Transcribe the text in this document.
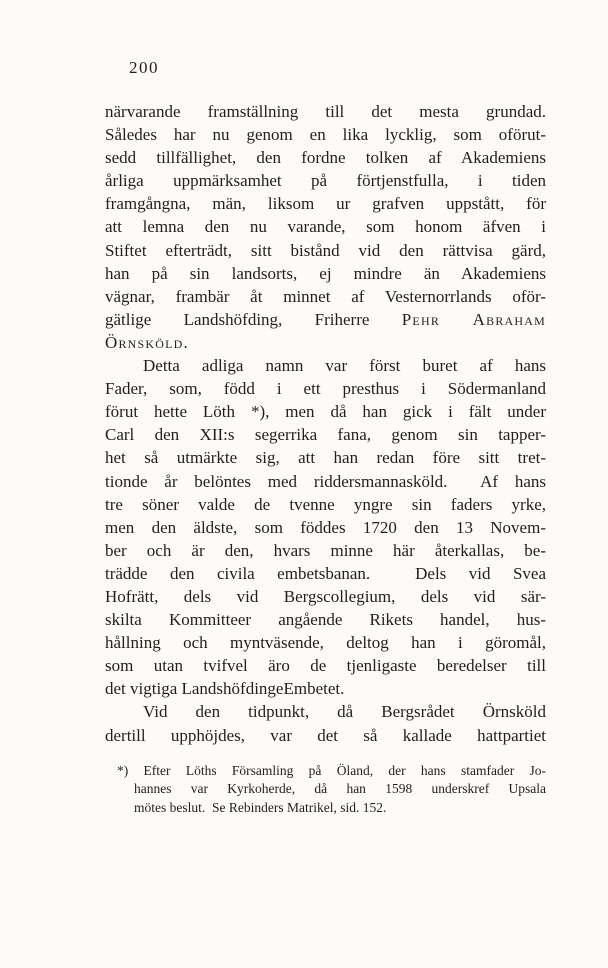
200
närvarande framställning till det mesta grundad.
Således har nu genom en lika lycklig, som oförut-
sedd tillfällighet, den fordne tolken af Akademiens
årliga uppmärksamhet på förtjenstfulla, i tiden
framgångna, män, liksom ur grafven uppstått, för
att lemna den nu varande, som honom äfven i
Stiftet efterträdt, sitt bistånd vid den rättvisa gärd,
han på sin landsorts, ej mindre än Akademiens
vägnar, frambär åt minnet af Vesternorrlands oför-
gätlige Landshöfding, Friherre Pehr Abraham
Örnsköld.
Detta adliga namn var först buret af hans
Fader, som, född i ett presthus i Södermanland
förut hette Löth *), men då han gick i fält under
Carl den XII:s segerrika fana, genom sin tapper-
het så utmärkte sig, att han redan före sitt tret-
tionde år belöntes med riddersmannasköld.  Af hans
tre söner valde de tvenne yngre sin faders yrke,
men den äldste, som föddes 1720 den 13 Novem-
ber och är den, hvars minne här återkallas, be-
trädde den civila embetsbanan.  Dels vid Svea
Hofrätt, dels vid Bergscollegium, dels vid sär-
skilta Kommitteer angående Rikets handel, hus-
hållning och myntväsende, deltog han i göromål,
som utan tvifvel äro de tjenligaste beredelser till
det vigtiga LandshöfdingeEmbetet.
Vid den tidpunkt, då Bergsrådet Örnsköld
dertill upphöjdes, var det så kallade hattpartiet
*) Efter Löths Församling på Öland, der hans stamfader Jo-
hannes var Kyrkoherde, då han 1598 underskref Upsala
mötes beslut.  Se Rebinders Matrikel, sid. 152.
